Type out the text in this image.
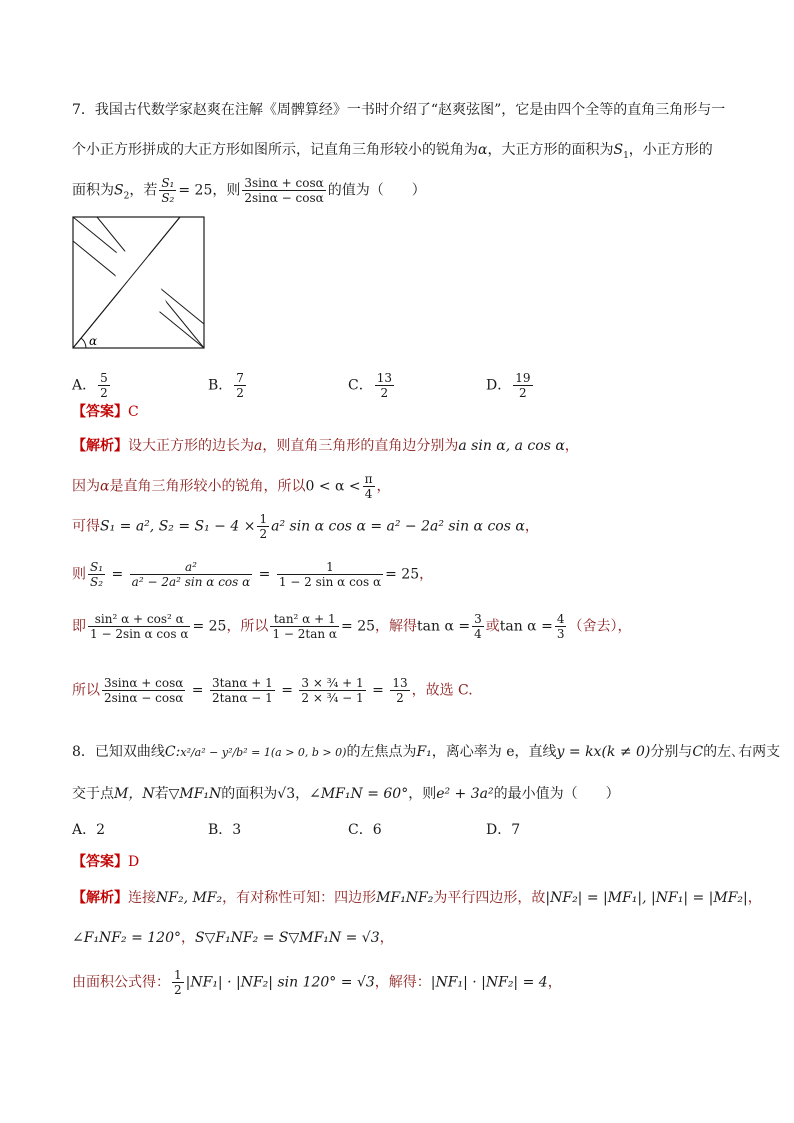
7．我国古代数学家赵爽在注解《周髀算经》一书时介绍了“赵爽弦图”，它是由四个全等的直角三角形与一
个小正方形拼成的大正方形如图所示，记直角三角形较小的锐角为α，大正方形的面积为$S_1$，小正方形的
面积为$S_2$，若 $\frac{\text{S₁}}{\text{S₂}} = 25$，则 $\frac{3\sin\alpha + \cos\alpha}{2\sin\alpha - \cos\alpha}$ 的值为（　　）
α
A． $\frac{5}{2}$	B． $\frac{7}{2}$	C． $\frac{13}{2}$	D． $\frac{19}{2}$
【答案】C
【解析】设大正方形的边长为a，则直角三角形的直角边分别为a sin α, a cos α，
因为α是直角三角形较小的锐角，所以$0 < \alpha < \frac{\pi}{4}$ ，
可得S₁ = a², $S_2 = S_1 - 4 \times \frac{1}{2} a^2$ sin α cos α = a² − 2a² sin α cos α，
则 $\frac{\text{S₁}}{\text{S₂}} = \frac{\text{a²}}{\text{a² − 2a² sin α cos α}} = \frac{1}{\text{1 − 2 sin α cos α}} = 25$，
即 $\frac{\text{sin² α + cos² α}}{\text{1 − 2sin α cos α}} = 25$，所以 $\frac{\text{tan² α + 1}}{\text{1 − 2tan α}} = 25$，解得$\tan \alpha = \frac{3}{4}$ 或$\tan \alpha = \frac{4}{3}$ （舍去），
所以 $\frac{3\sin\alpha + \cos\alpha}{2\sin\alpha - \cos\alpha} = \frac{3\tan\alpha + 1}{2\tan\alpha - 1} = \frac{\text{3 × ¾ + 1}}{\text{2 × ¾ − 1}} = \frac{13}{2}$ ，故选 C.
8．已知双曲线C:x²/a² − y²/b² = 1(a > 0, b > 0)的左焦点为F₁，离心率为 e，直线y = kx(k ≠ 0)分别与C的左､右两支
交于点M，N若▽MF₁N的面积为√3，∠MF₁N = 60°，则e² + 3a²的最小值为（　　）
A．2	B．3	C．6	D．7
【答案】D
【解析】连接NF₂, MF₂，有对称性可知：四边形MF₁NF₂为平行四边形，故|NF₂| = |MF₁|, |NF₁| = |MF₂|，
∠F₁NF₂ = 120°，S▽F₁NF₂ = S▽MF₁N = √3，
由面积公式得： $\frac{1}{2} |NF_1| \cdot |NF_2|$ sin 120° = √3，解得：|NF₁| · |NF₂| = 4，
